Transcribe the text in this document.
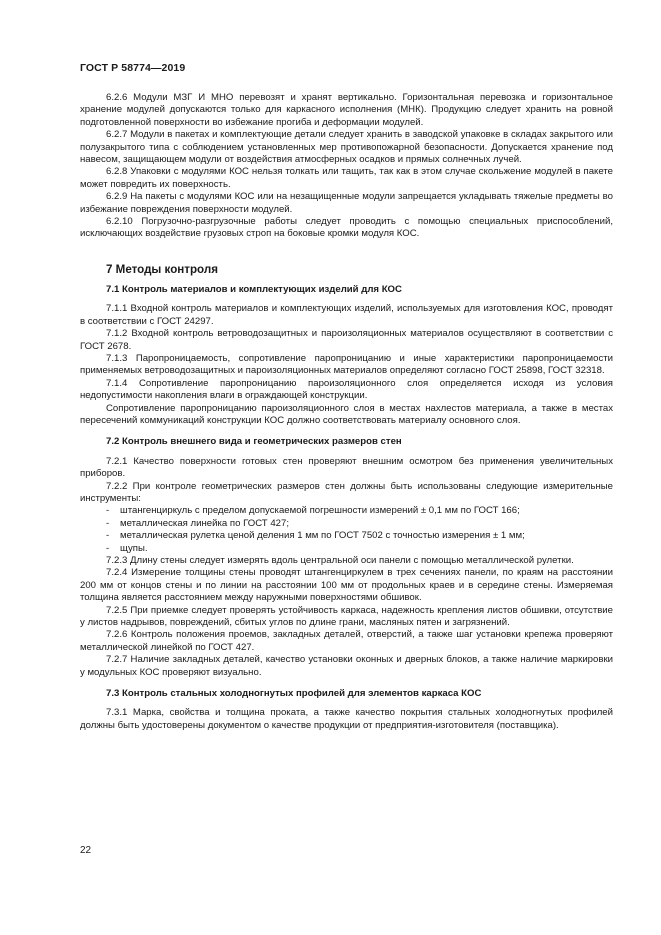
ГОСТ Р 58774—2019

6.2.6 Модули МЗГ И МНО перевозят и хранят вертикально. Горизонтальная перевозка и горизонтальное хранение модулей допускаются только для каркасного исполнения (МНК). Продукцию следует хранить на ровной подготовленной поверхности во избежание прогиба и деформации модулей.

6.2.7 Модули в пакетах и комплектующие детали следует хранить в заводской упаковке в складах закрытого или полузакрытого типа с соблюдением установленных мер противопожарной безопасности. Допускается хранение под навесом, защищающем модули от воздействия атмосферных осадков и прямых солнечных лучей.

6.2.8 Упаковки с модулями КОС нельзя толкать или тащить, так как в этом случае скольжение модулей в пакете может повредить их поверхность.

6.2.9 На пакеты с модулями КОС или на незащищенные модули запрещается укладывать тяжелые предметы во избежание повреждения поверхности модулей.

6.2.10 Погрузочно-разгрузочные работы следует проводить с помощью специальных приспособлений, исключающих воздействие грузовых строп на боковые кромки модуля КОС.

7 Методы контроля
7.1 Контроль материалов и комплектующих изделий для КОС

7.1.1 Входной контроль материалов и комплектующих изделий, используемых для изготовления КОС, проводят в соответствии с ГОСТ 24297.

7.1.2 Входной контроль ветроводозащитных и пароизоляционных материалов осуществляют в соответствии с ГОСТ 2678.

7.1.3 Паропроницаемость, сопротивление паропроницанию и иные характеристики паропроницаемости применяемых ветроводозащитных и пароизоляционных материалов определяют согласно ГОСТ 25898, ГОСТ 32318.

7.1.4 Сопротивление паропроницанию пароизоляционного слоя определяется исходя из условия недопустимости накопления влаги в ограждающей конструкции.

Сопротивление паропроницанию пароизоляционного слоя в местах нахлестов материала, а также в местах пересечений коммуникаций конструкции КОС должно соответствовать материалу основного слоя.

7.2 Контроль внешнего вида и геометрических размеров стен

7.2.1 Качество поверхности готовых стен проверяют внешним осмотром без применения увеличительных приборов.

7.2.2 При контроле геометрических размеров стен должны быть использованы следующие измерительные инструменты:

- штангенциркуль с пределом допускаемой погрешности измерений ± 0,1 мм по ГОСТ 166;
- металлическая линейка по ГОСТ 427;
- металлическая рулетка ценой деления 1 мм по ГОСТ 7502 с точностью измерения ± 1 мм;
- щупы.

7.2.3 Длину стены следует измерять вдоль центральной оси панели с помощью металлической рулетки.

7.2.4 Измерение толщины стены проводят штангенциркулем в трех сечениях панели, по краям на расстоянии 200 мм от концов стены и по линии на расстоянии 100 мм от продольных краев и в середине стены. Измеряемая толщина является расстоянием между наружными поверхностями обшивок.

7.2.5 При приемке следует проверять устойчивость каркаса, надежность крепления листов обшивки, отсутствие у листов надрывов, повреждений, сбитых углов по длине грани, масляных пятен и загрязнений.

7.2.6 Контроль положения проемов, закладных деталей, отверстий, а также шаг установки крепежа проверяют металлической линейкой по ГОСТ 427.

7.2.7 Наличие закладных деталей, качество установки оконных и дверных блоков, а также наличие маркировки у модульных КОС проверяют визуально.

7.3 Контроль стальных холодногнутых профилей для элементов каркаса КОС

7.3.1 Марка, свойства и толщина проката, а также качество покрытия стальных холодногнутых профилей должны быть удостоверены документом о качестве продукции от предприятия-изготовителя (поставщика).

22
